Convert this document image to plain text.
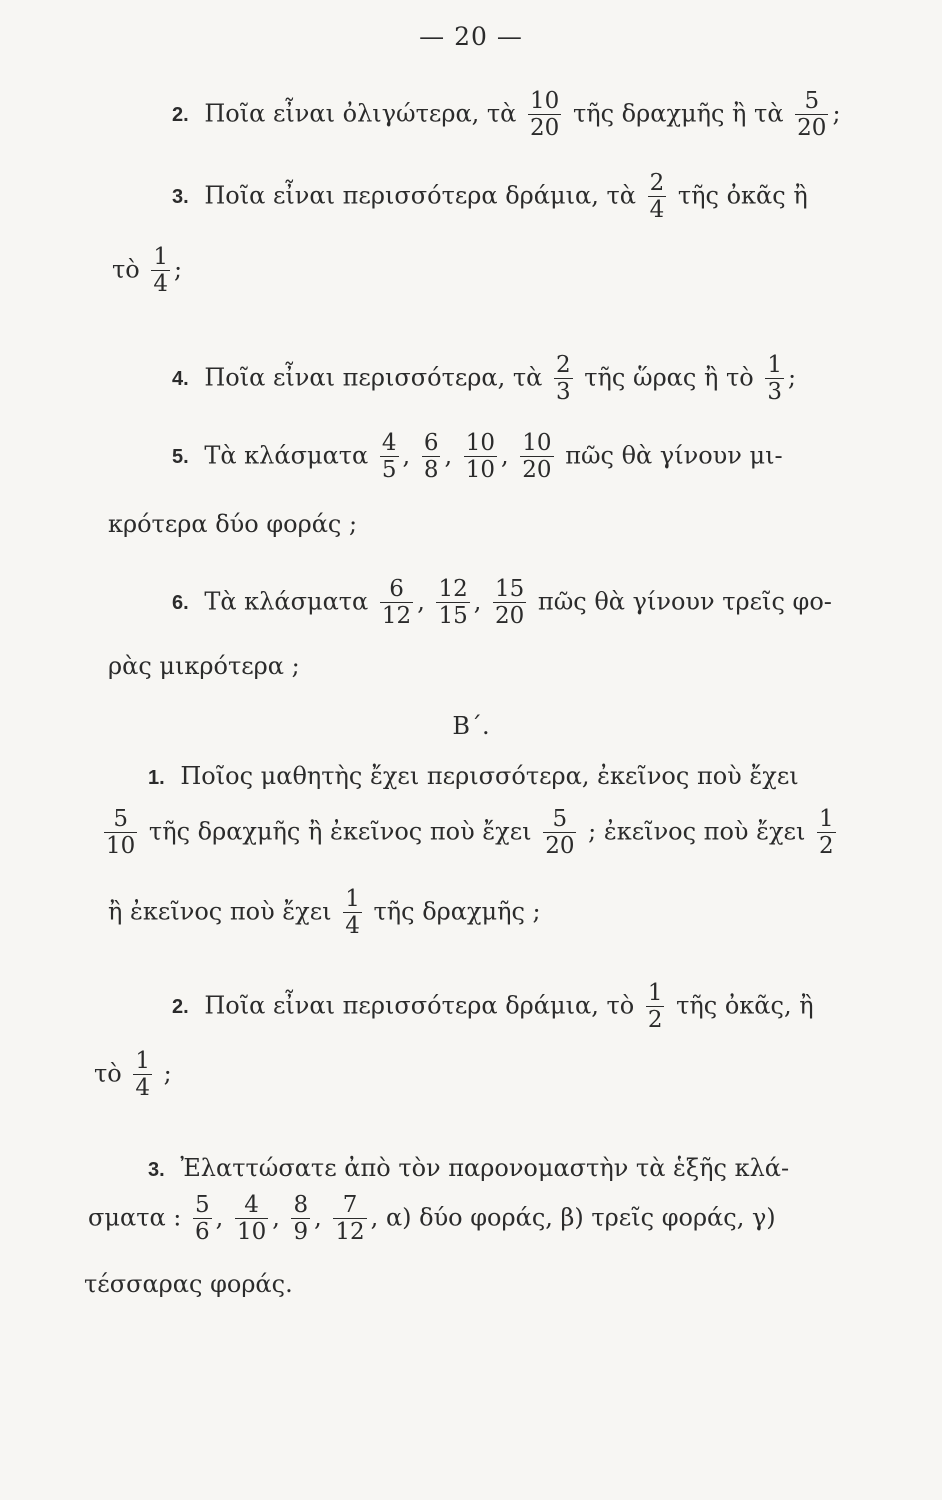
— 20 —
2. Ποῖα εἶναι ὀλιγώτερα, τὰ $\frac{10}{20}$ τῆς δραχμῆς ἢ τὰ $\frac{5}{20}$ ;
3. Ποῖα εἶναι περισσότερα δράμια, τὰ $\frac{2}{4}$ τῆς ὀκᾶς ἢ
τὸ $\frac{1}{4}$ ;
4. Ποῖα εἶναι περισσότερα, τὰ $\frac{2}{3}$ τῆς ὥρας ἢ τὸ $\frac{1}{3}$ ;
5. Τὰ κλάσματα $\frac{4}{5}$ , $\frac{6}{8}$ , $\frac{10}{10}$ , $\frac{10}{20}$ πῶς θὰ γίνουν μι-
κρότερα δύο φοράς ;
6. Τὰ κλάσματα $\frac{6}{12}$ , $\frac{12}{15}$ , $\frac{15}{20}$ πῶς θὰ γίνουν τρεῖς φο-
ρὰς μικρότερα ;
Β΄.
1. Ποῖος μαθητὴς ἔχει περισσότερα, ἐκεῖνος ποὺ ἔχει
$\frac{5}{10}$ τῆς δραχμῆς ἢ ἐκεῖνος ποὺ ἔχει $\frac{5}{20}$ ; ἐκεῖνος ποὺ ἔχει $\frac{1}{2}$
ἢ ἐκεῖνος ποὺ ἔχει $\frac{1}{4}$ τῆς δραχμῆς ;
2. Ποῖα εἶναι περισσότερα δράμια, τὸ $\frac{1}{2}$ τῆς ὀκᾶς, ἢ
τὸ $\frac{1}{4}$ ;
3. Ἐλαττώσατε ἀπὸ τὸν παρονομαστὴν τὰ ἑξῆς κλά-
σματα : $\frac{5}{6}$ , $\frac{4}{10}$ , $\frac{8}{9}$ , $\frac{7}{12}$ , α) δύο φοράς, β) τρεῖς φοράς, γ)
τέσσαρας φοράς.
